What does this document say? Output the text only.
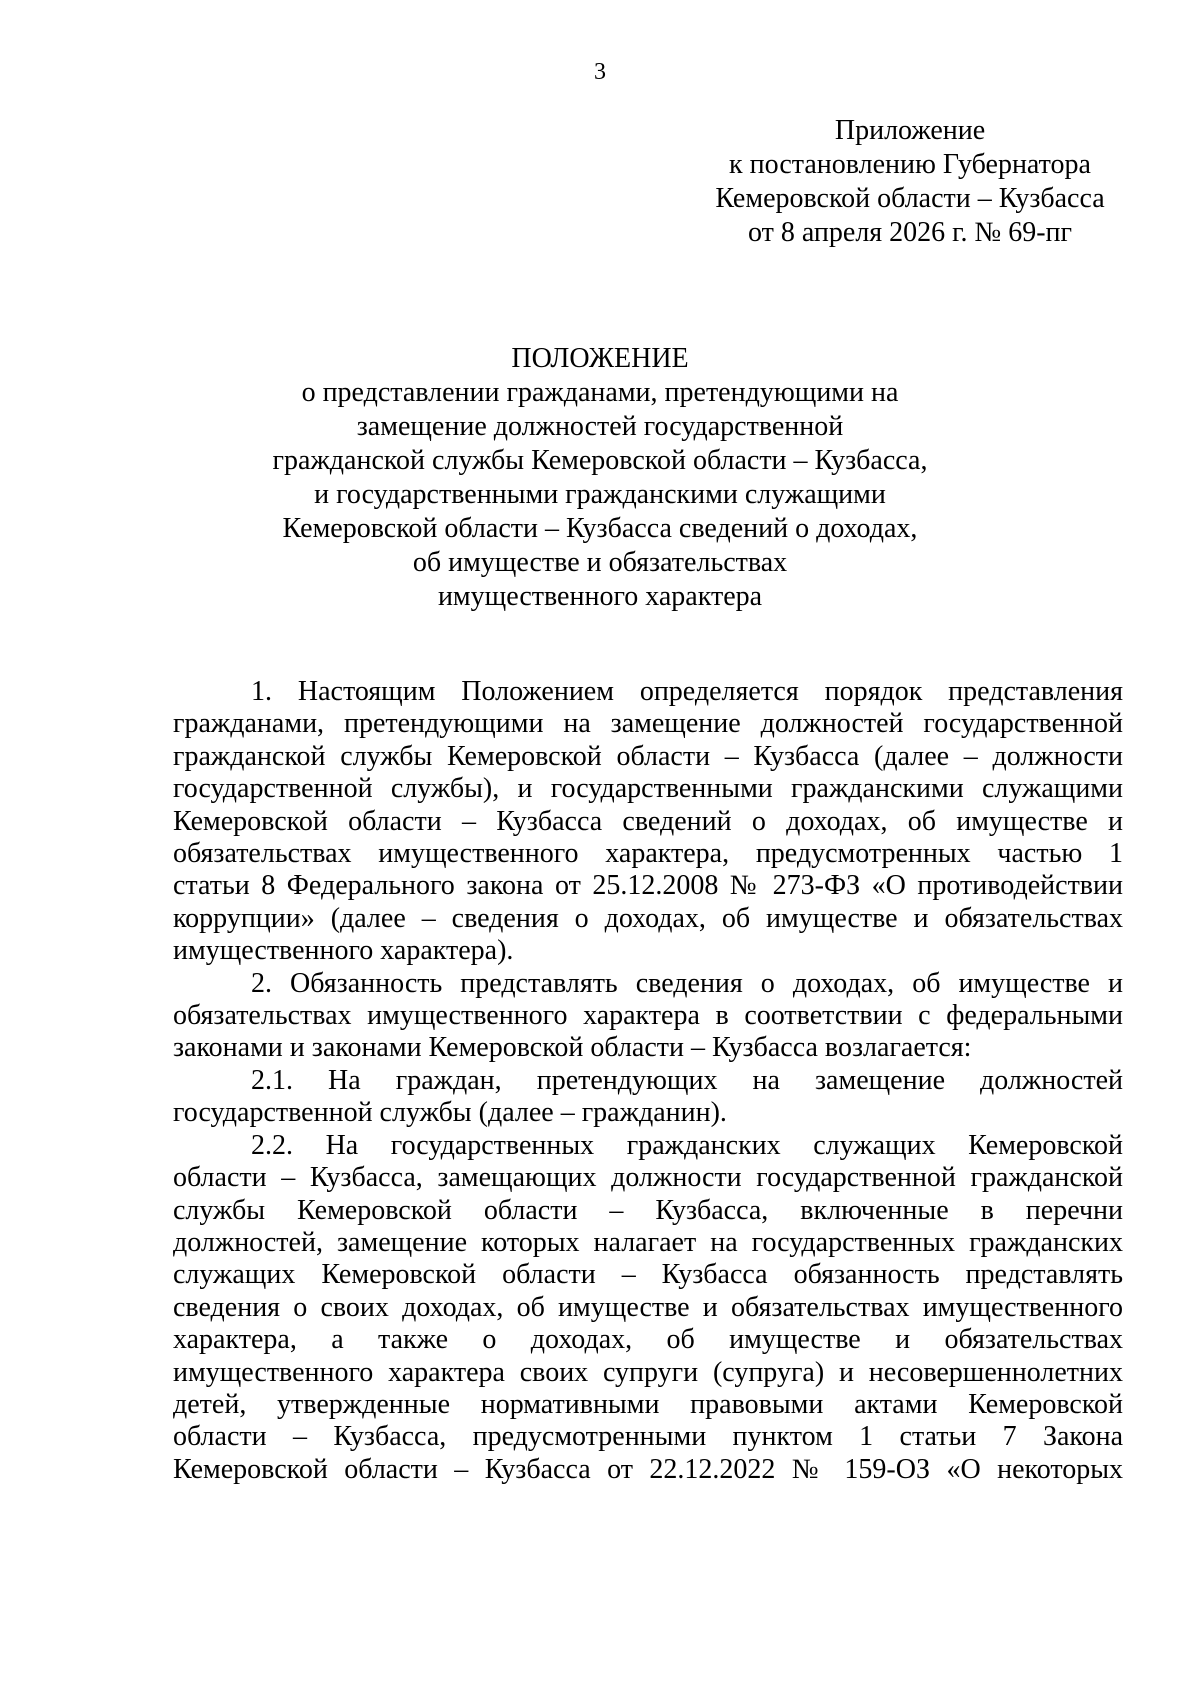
3
Приложение
к постановлению Губернатора
Кемеровской области – Кузбасса
от 8 апреля 2026 г. № 69-пг
ПОЛОЖЕНИЕ
о представлении гражданами, претендующими на
замещение должностей государственной
гражданской службы Кемеровской области – Кузбасса,
и государственными гражданскими служащими
Кемеровской области – Кузбасса сведений о доходах,
об имуществе и обязательствах
имущественного характера
1. Настоящим Положением определяется порядок представления
гражданами, претендующими на замещение должностей государственной
гражданской службы Кемеровской области – Кузбасса (далее – должности
государственной службы), и государственными гражданскими служащими
Кемеровской области – Кузбасса сведений о доходах, об имуществе и
обязательствах имущественного характера, предусмотренных частью 1
статьи 8 Федерального закона от 25.12.2008 № 273-ФЗ «О противодействии
коррупции» (далее – сведения о доходах, об имуществе и обязательствах
имущественного характера).
2. Обязанность представлять сведения о доходах, об имуществе и
обязательствах имущественного характера в соответствии с федеральными
законами и законами Кемеровской области – Кузбасса возлагается:
2.1. На граждан, претендующих на замещение должностей
государственной службы (далее – гражданин).
2.2. На государственных гражданских служащих Кемеровской
области – Кузбасса, замещающих должности государственной гражданской
службы Кемеровской области – Кузбасса, включенные в перечни
должностей, замещение которых налагает на государственных гражданских
служащих Кемеровской области – Кузбасса обязанность представлять
сведения о своих доходах, об имуществе и обязательствах имущественного
характера, а также о доходах, об имуществе и обязательствах
имущественного характера своих супруги (супруга) и несовершеннолетних
детей, утвержденные нормативными правовыми актами Кемеровской
области – Кузбасса, предусмотренными пунктом 1 статьи 7 Закона
Кемеровской области – Кузбасса от 22.12.2022 № 159-ОЗ «О некоторых
